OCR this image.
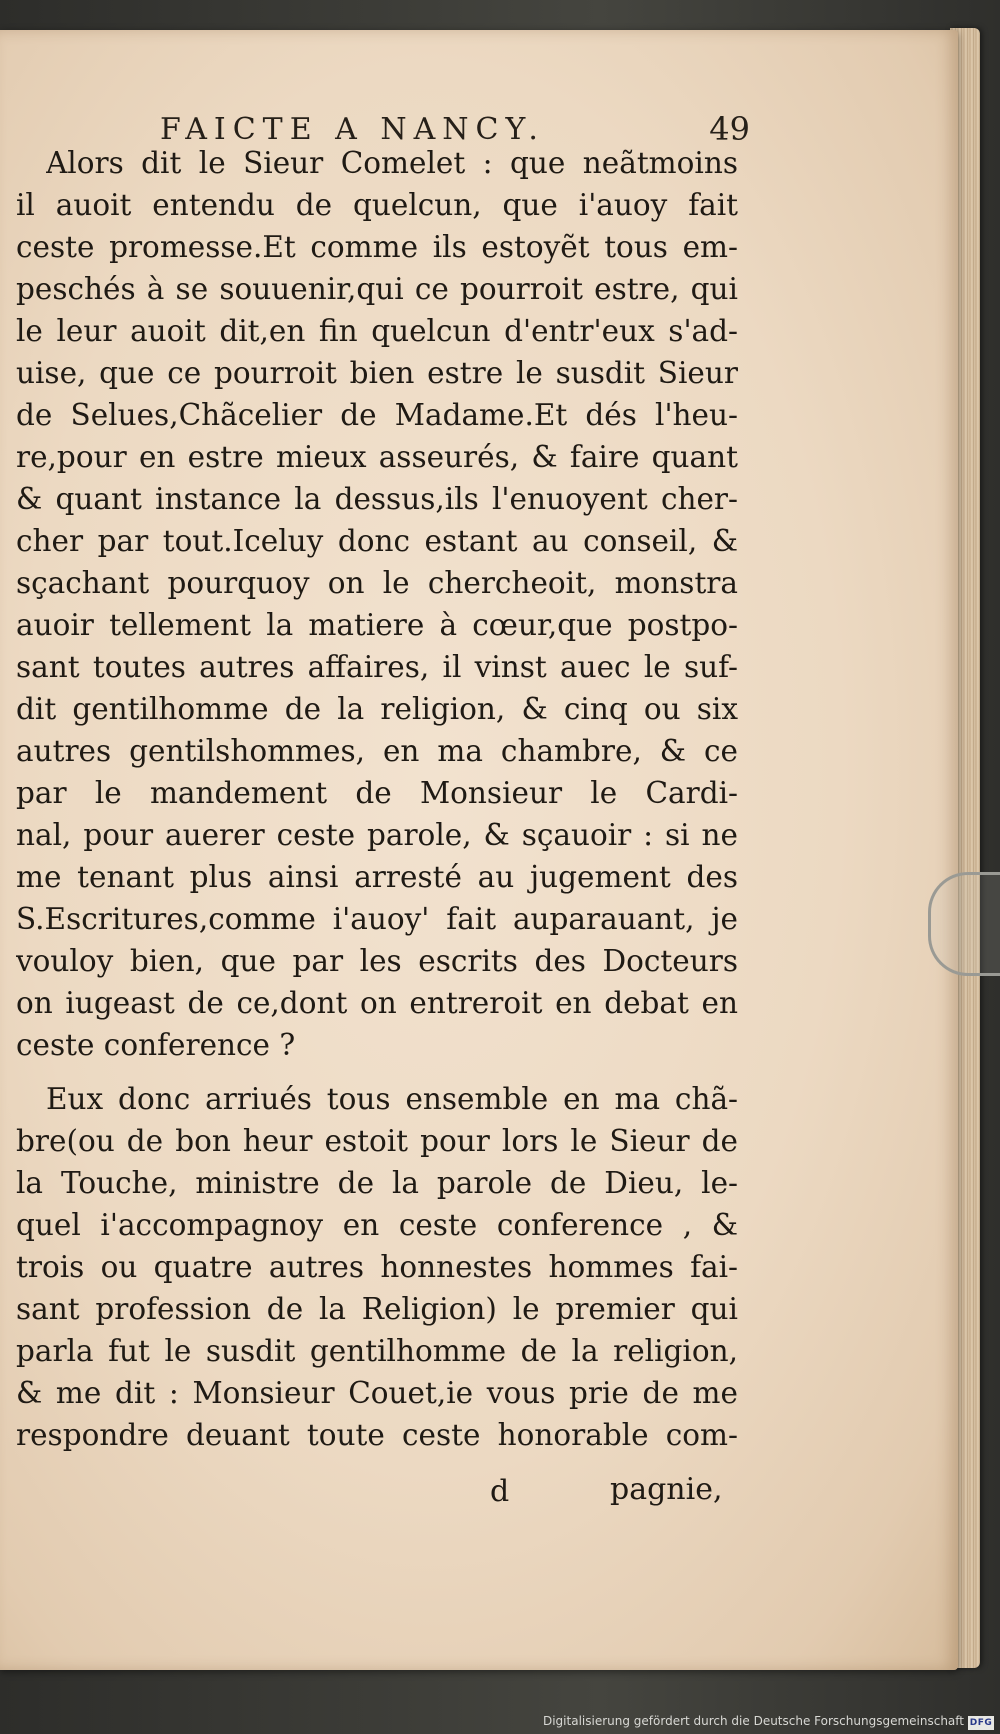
FAICTE A NANCY.	49
Alors dit le Sieur Comelet : que neãtmoins
il auoit entendu de quelcun, que i'auoy fait
ceste promesse.Et comme ils estoyẽt tous em-
peschés à se souuenir,qui ce pourroit estre, qui
le leur auoit dit,en fin quelcun d'entr'eux s'ad-
uise, que ce pourroit bien estre le susdit Sieur
de Selues,Chãcelier de Madame.Et dés l'heu-
re,pour en estre mieux asseurés, & faire quant
& quant instance la dessus,ils l'enuoyent cher-
cher par tout.Iceluy donc estant au conseil, &
sçachant pourquoy on le chercheoit, monstra
auoir tellement la matiere à cœur,que postpo-
sant toutes autres affaires, il vinst auec le suf-
dit gentilhomme de la religion, & cinq ou six
autres gentilshommes, en ma chambre, & ce
par le mandement de Monsieur le Cardi-
nal, pour auerer ceste parole, & sçauoir : si ne
me tenant plus ainsi arresté au jugement des
S.Escritures,comme i'auoy' fait auparauant, je
vouloy bien, que par les escrits des Docteurs
on iugeast de ce,dont on entreroit en debat en
ceste conference ?
Eux donc arriués tous ensemble en ma chã-
bre(ou de bon heur estoit pour lors le Sieur de
la Touche, ministre de la parole de Dieu, le-
quel i'accompagnoy en ceste conference , &
trois ou quatre autres honnestes hommes fai-
sant profession de la Religion) le premier qui
parla fut le susdit gentilhomme de la religion,
& me dit : Monsieur Couet,ie vous prie de me
respondre deuant toute ceste honorable com-
d	pagnie,
Digitalisierung gefördert durch die Deutsche Forschungsgemeinschaft DFG
